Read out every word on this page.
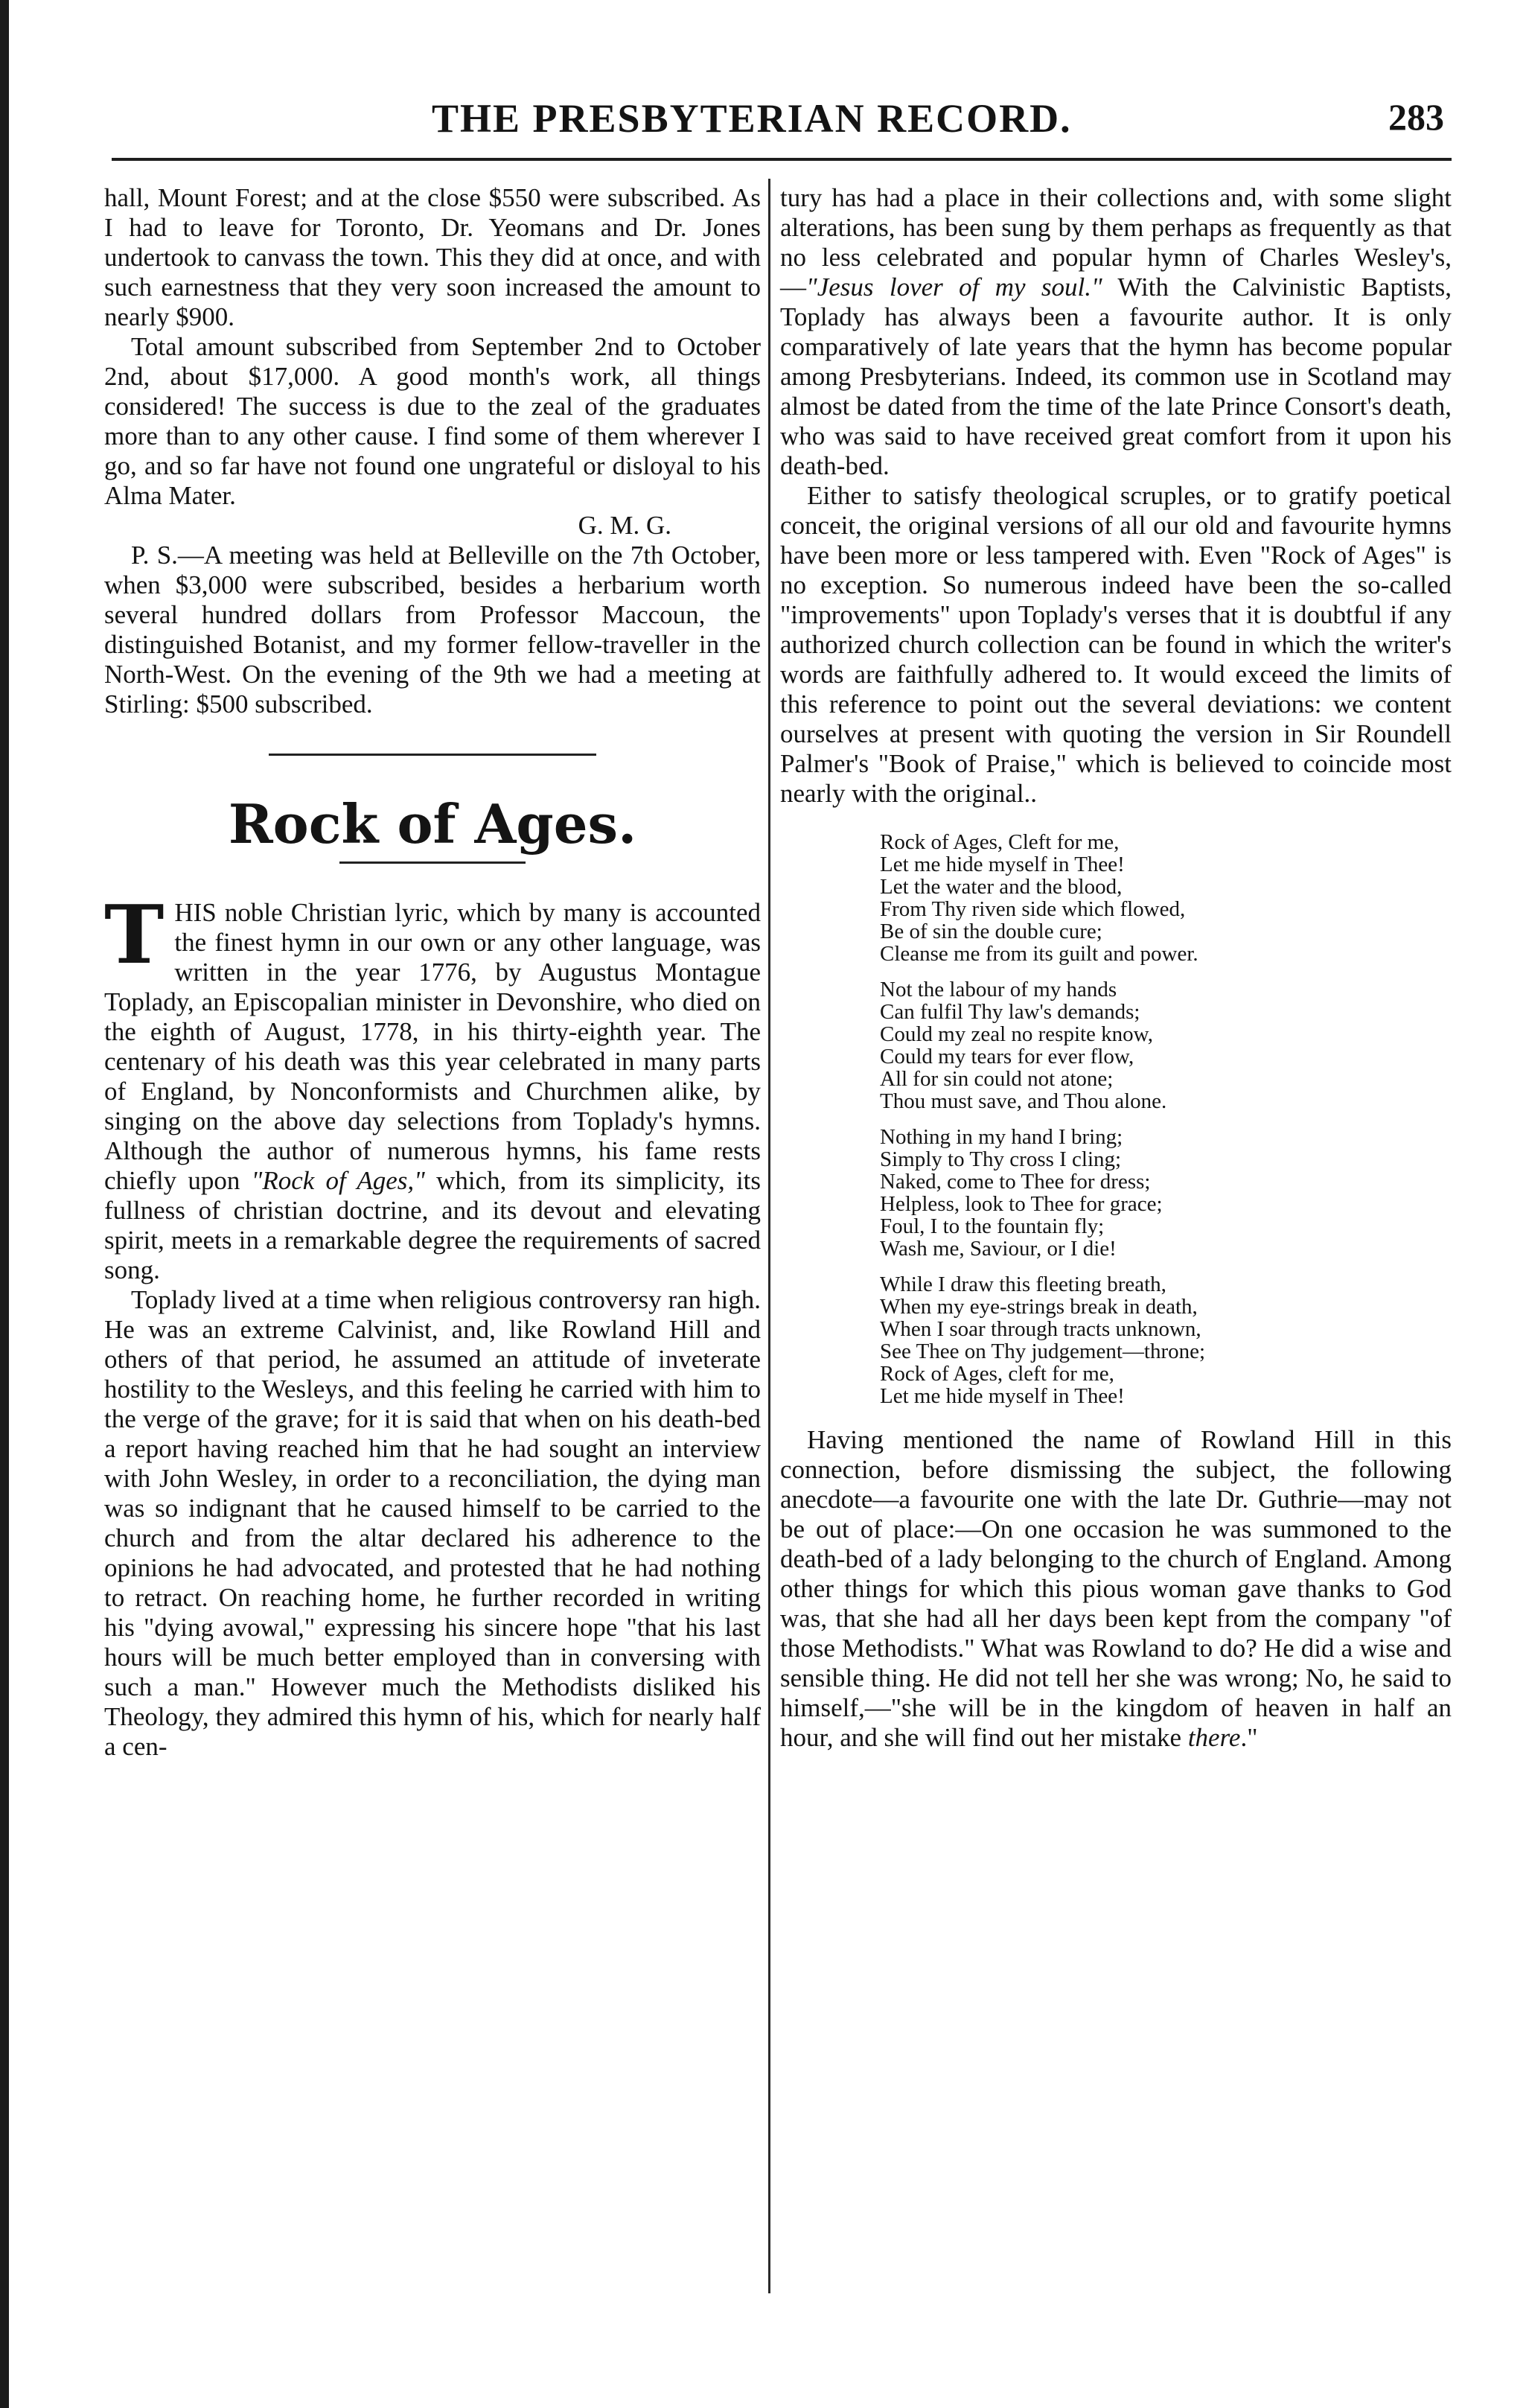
THE PRESBYTERIAN RECORD.	283

hall, Mount Forest; and at the close $550 were subscribed. As I had to leave for Toronto, Dr. Yeomans and Dr. Jones undertook to canvass the town. This they did at once, and with such earnestness that they very soon increased the amount to nearly $900.

Total amount subscribed from September 2nd to October 2nd, about $17,000. A good month's work, all things considered! The success is due to the zeal of the graduates more than to any other cause. I find some of them wherever I go, and so far have not found one ungrateful or disloyal to his Alma Mater.

G. M. G.

P. S.—A meeting was held at Belleville on the 7th October, when $3,000 were subscribed, besides a herbarium worth several hundred dollars from Professor Maccoun, the distinguished Botanist, and my former fellow-traveller in the North-West. On the evening of the 9th we had a meeting at Stirling: $500 subscribed.

Rock of Ages.

THIS noble Christian lyric, which by many is accounted the finest hymn in our own or any other language, was written in the year 1776, by Augustus Montague Toplady, an Episcopalian minister in Devonshire, who died on the eighth of August, 1778, in his thirty-eighth year. The centenary of his death was this year celebrated in many parts of England, by Nonconformists and Churchmen alike, by singing on the above day selections from Toplady's hymns. Although the author of numerous hymns, his fame rests chiefly upon "Rock of Ages," which, from its simplicity, its fullness of christian doctrine, and its devout and elevating spirit, meets in a remarkable degree the requirements of sacred song.

Toplady lived at a time when religious controversy ran high. He was an extreme Calvinist, and, like Rowland Hill and others of that period, he assumed an attitude of inveterate hostility to the Wesleys, and this feeling he carried with him to the verge of the grave; for it is said that when on his death-bed a report having reached him that he had sought an interview with John Wesley, in order to a reconciliation, the dying man was so indignant that he caused himself to be carried to the church and from the altar declared his adherence to the opinions he had advocated, and protested that he had nothing to retract. On reaching home, he further recorded in writing his "dying avowal," expressing his sincere hope "that his last hours will be much better employed than in conversing with such a man." However much the Methodists disliked his Theology, they admired this hymn of his, which for nearly half a cen-

tury has had a place in their collections and, with some slight alterations, has been sung by them perhaps as frequently as that no less celebrated and popular hymn of Charles Wesley's,—"Jesus lover of my soul." With the Calvinistic Baptists, Toplady has always been a favourite author. It is only comparatively of late years that the hymn has become popular among Presbyterians. Indeed, its common use in Scotland may almost be dated from the time of the late Prince Consort's death, who was said to have received great comfort from it upon his death-bed.

Either to satisfy theological scruples, or to gratify poetical conceit, the original versions of all our old and favourite hymns have been more or less tampered with. Even "Rock of Ages" is no exception. So numerous indeed have been the so-called "improvements" upon Toplady's verses that it is doubtful if any authorized church collection can be found in which the writer's words are faithfully adhered to. It would exceed the limits of this reference to point out the several deviations: we content ourselves at present with quoting the version in Sir Roundell Palmer's "Book of Praise," which is believed to coincide most nearly with the original..

Rock of Ages, Cleft for me,
Let me hide myself in Thee!
Let the water and the blood,
From Thy riven side which flowed,
Be of sin the double cure;
Cleanse me from its guilt and power.
Not the labour of my hands
Can fulfil Thy law's demands;
Could my zeal no respite know,
Could my tears for ever flow,
All for sin could not atone;
Thou must save, and Thou alone.
Nothing in my hand I bring;
Simply to Thy cross I cling;
Naked, come to Thee for dress;
Helpless, look to Thee for grace;
Foul, I to the fountain fly;
Wash me, Saviour, or I die!
While I draw this fleeting breath,
When my eye-strings break in death,
When I soar through tracts unknown,
See Thee on Thy judgement—throne;
Rock of Ages, cleft for me,
Let me hide myself in Thee!

Having mentioned the name of Rowland Hill in this connection, before dismissing the subject, the following anecdote—a favourite one with the late Dr. Guthrie—may not be out of place:—On one occasion he was summoned to the death-bed of a lady belonging to the church of England. Among other things for which this pious woman gave thanks to God was, that she had all her days been kept from the company "of those Methodists." What was Rowland to do? He did a wise and sensible thing. He did not tell her she was wrong; No, he said to himself,—"she will be in the kingdom of heaven in half an hour, and she will find out her mistake there."
